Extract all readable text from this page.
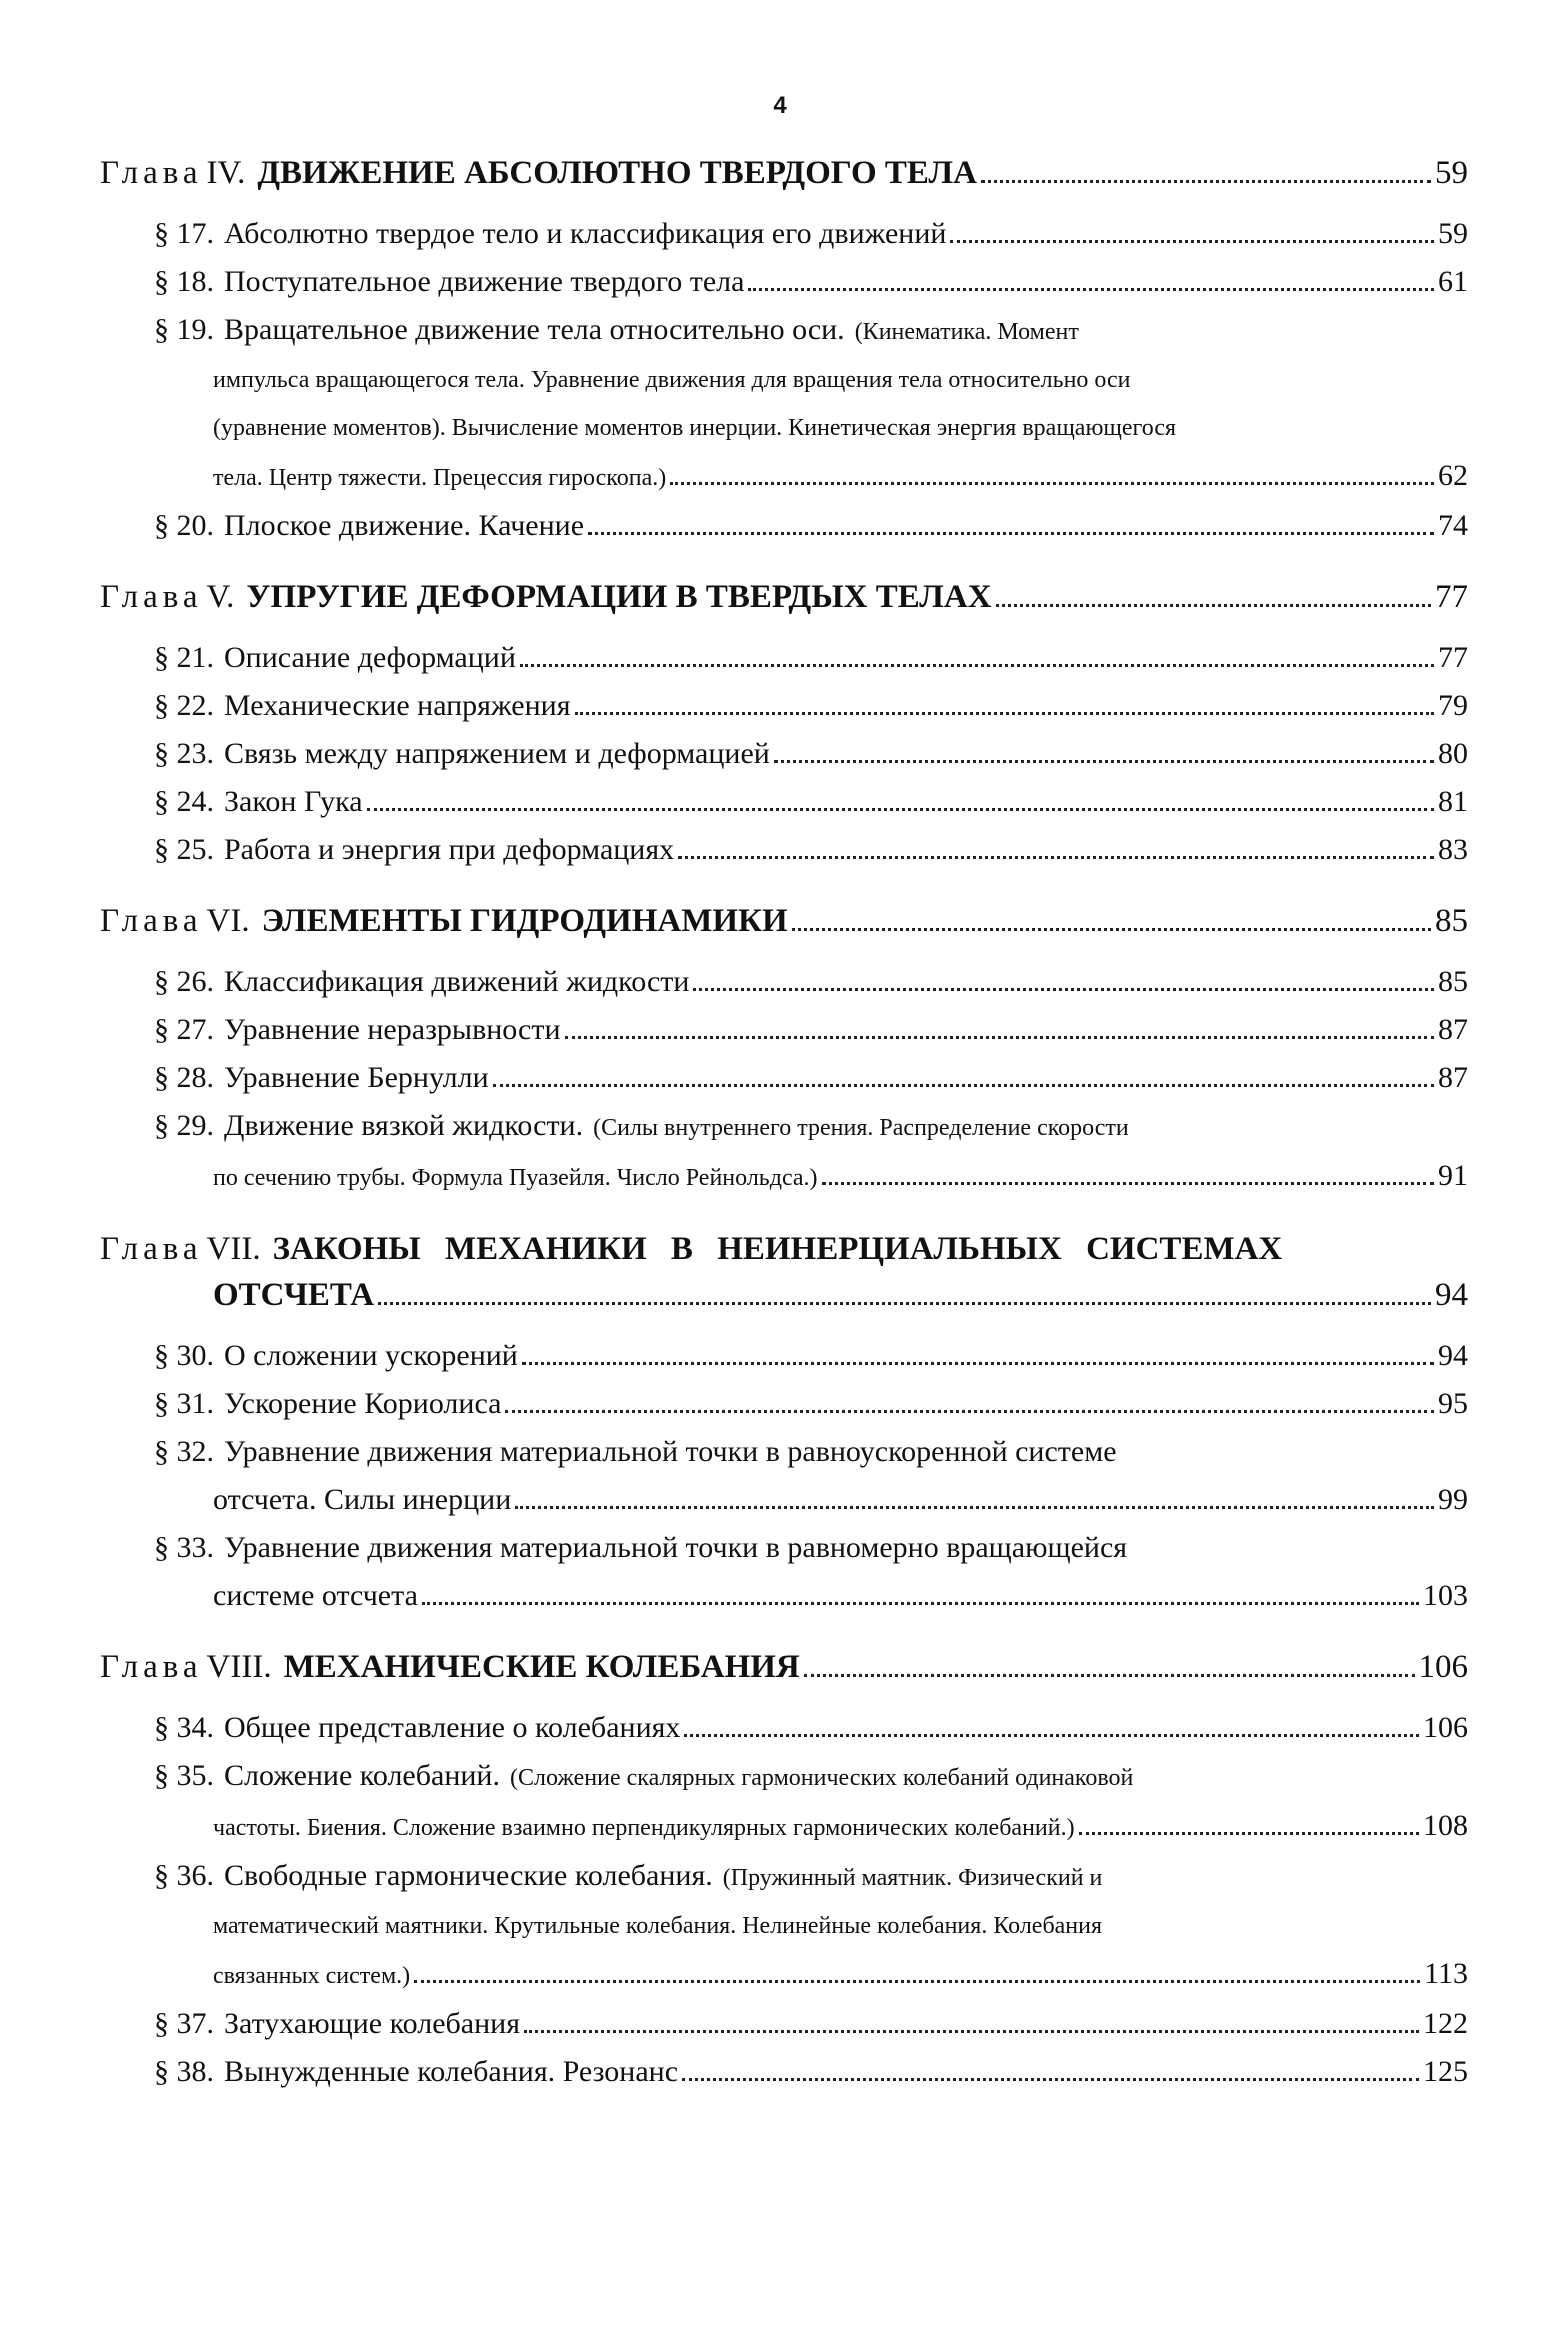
4
Глава IV. ДВИЖЕНИЕ АБСОЛЮТНО ТВЕРДОГО ТЕЛА	59
§ 17. Абсолютно твердое тело и классификация его движений	59
§ 18. Поступательное движение твердого тела	61
§ 19. Вращательное движение тела относительно оси. (Кинематика. Момент
импульса вращающегося тела. Уравнение движения для вращения тела относительно оси
(уравнение моментов). Вычисление моментов инерции. Кинетическая энергия вращающегося
тела. Центр тяжести. Прецессия гироскопа.)	62
§ 20. Плоское движение. Качение	74
Глава V. УПРУГИЕ ДЕФОРМАЦИИ В ТВЕРДЫХ ТЕЛАХ	77
§ 21. Описание деформаций	77
§ 22. Механические напряжения	79
§ 23. Связь между напряжением и деформацией	80
§ 24. Закон Гука	81
§ 25. Работа и энергия при деформациях	83
Глава VI. ЭЛЕМЕНТЫ ГИДРОДИНАМИКИ	85
§ 26. Классификация движений жидкости	85
§ 27. Уравнение неразрывности	87
§ 28. Уравнение Бернулли	87
§ 29. Движение вязкой жидкости. (Силы внутреннего трения. Распределение скорости
по сечению трубы. Формула Пуазейля. Число Рейнольдса.)	91
Глава VII. ЗАКОНЫ МЕХАНИКИ В НЕИНЕРЦИАЛЬНЫХ СИСТЕМАХ
ОТСЧЕТА	94
§ 30. О сложении ускорений	94
§ 31. Ускорение Кориолиса	95
§ 32. Уравнение движения материальной точки в равноускоренной системе
отсчета. Силы инерции	99
§ 33. Уравнение движения материальной точки в равномерно вращающейся
системе отсчета	103
Глава VIII. МЕХАНИЧЕСКИЕ КОЛЕБАНИЯ	106
§ 34. Общее представление о колебаниях	106
§ 35. Сложение колебаний. (Сложение скалярных гармонических колебаний одинаковой
частоты. Биения. Сложение взаимно перпендикулярных гармонических колебаний.)	108
§ 36. Свободные гармонические колебания. (Пружинный маятник. Физический и
математический маятники. Крутильные колебания. Нелинейные колебания. Колебания
связанных систем.)	113
§ 37. Затухающие колебания	122
§ 38. Вынужденные колебания. Резонанс	125
